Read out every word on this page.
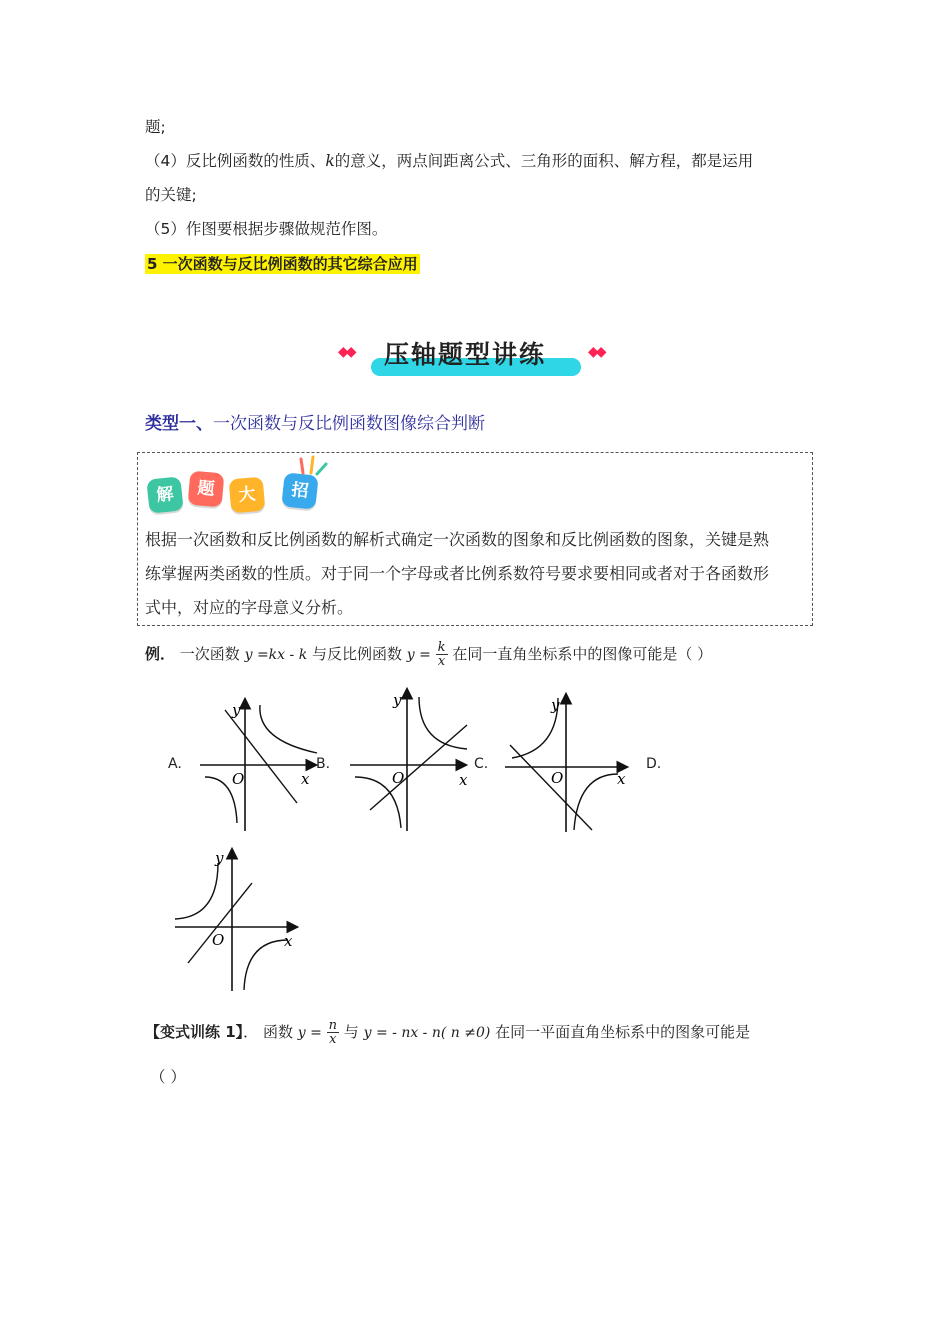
题;
（4）反比例函数的性质、k的意义，两点间距离公式、三角形的面积、解方程，都是运用
的关键;
（5）作图要根据步骤做规范作图。
5 一次函数与反比例函数的其它综合应用
◆◆ 压轴题型讲练	◆◆
类型一、一次函数与反比例函数图像综合判断
解	题	大	招
根据一次函数和反比例函数的解析式确定一次函数的图象和反比例函数的图象，关键是熟
练掌握两类函数的性质。对于同一个字母或者比例系数符号要求要相同或者对于各函数形
式中，对应的字母意义分析。
例． 一次函数 y =kx - k 与反比例函数 $y = \frac{k}{x}$ 在同一直角坐标系中的图像可能是（ ）
A.	B.	C.	D.
y
x
O
y
x
O
y
x
O
y
x
O
【变式训练 1】． 函数 $y = \frac{n}{x}$ 与 y = - nx - n( n ≠0) 在同一平面直角坐标系中的图象可能是
（ ）
